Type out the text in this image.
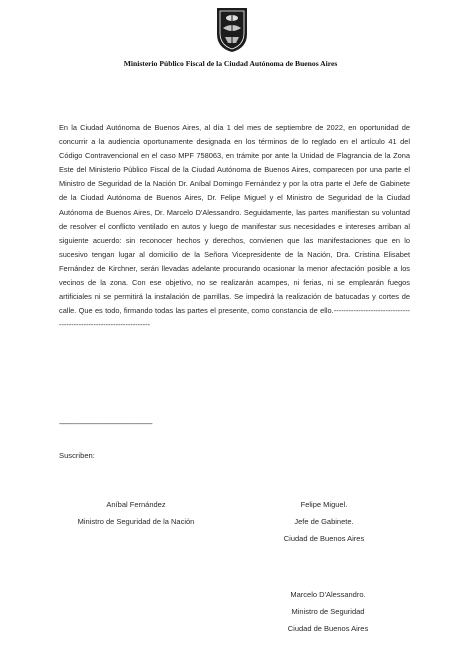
Ministerio Público Fiscal de la Ciudad Autónoma de Buenos Aires
En la Ciudad Autónoma de Buenos Aires, al día 1 del mes de septiembre de 2022, en oportunidad de concurrir a la audiencia oportunamente designada en los términos de lo reglado en el artículo 41 del Código Contravencional en el caso MPF 758063, en trámite por ante la Unidad de Flagrancia de la Zona Este del Ministerio Público Fiscal de la Ciudad Autónoma de Buenos Aires, comparecen por una parte el Ministro de Seguridad de la Nación Dr. Aníbal Domingo Fernández y por la otra parte el Jefe de Gabinete de la Ciudad Autónoma de Buenos Aires, Dr. Felipe Miguel y el Ministro de Seguridad de la Ciudad Autónoma de Buenos Aires, Dr. Marcelo D'Alessandro. Seguidamente, las partes manifiestan su voluntad de resolver el conflicto ventilado en autos y luego de manifestar sus necesidades e intereses arriban al siguiente acuerdo: sin reconocer hechos y derechos, convienen que las manifestaciones que en lo sucesivo tengan lugar al domicilio de la Señora Vicepresidente de la Nación, Dra. Cristina Elisabet Fernández de Kirchner, serán llevadas adelante procurando ocasionar la menor afectación posible a los vecinos de la zona. Con ese objetivo, no se realizarán acampes, ni ferias, ni se emplearán fuegos artificiales ni se permitirá la instalación de parrillas. Se impedirá la realización de batucadas y cortes de calle. Que es todo, firmando todas las partes el presente, como constancia de ello.--------------------------------------------------------------------
--------------------------------------------------
Suscriben:
Aníbal Fernández
Ministro de Seguridad de la Nación
Felipe Miguel.
Jefe de Gabinete.
Ciudad de Buenos Aires
Marcelo D'Alessandro.
Ministro de Seguridad
Ciudad de Buenos Aires
